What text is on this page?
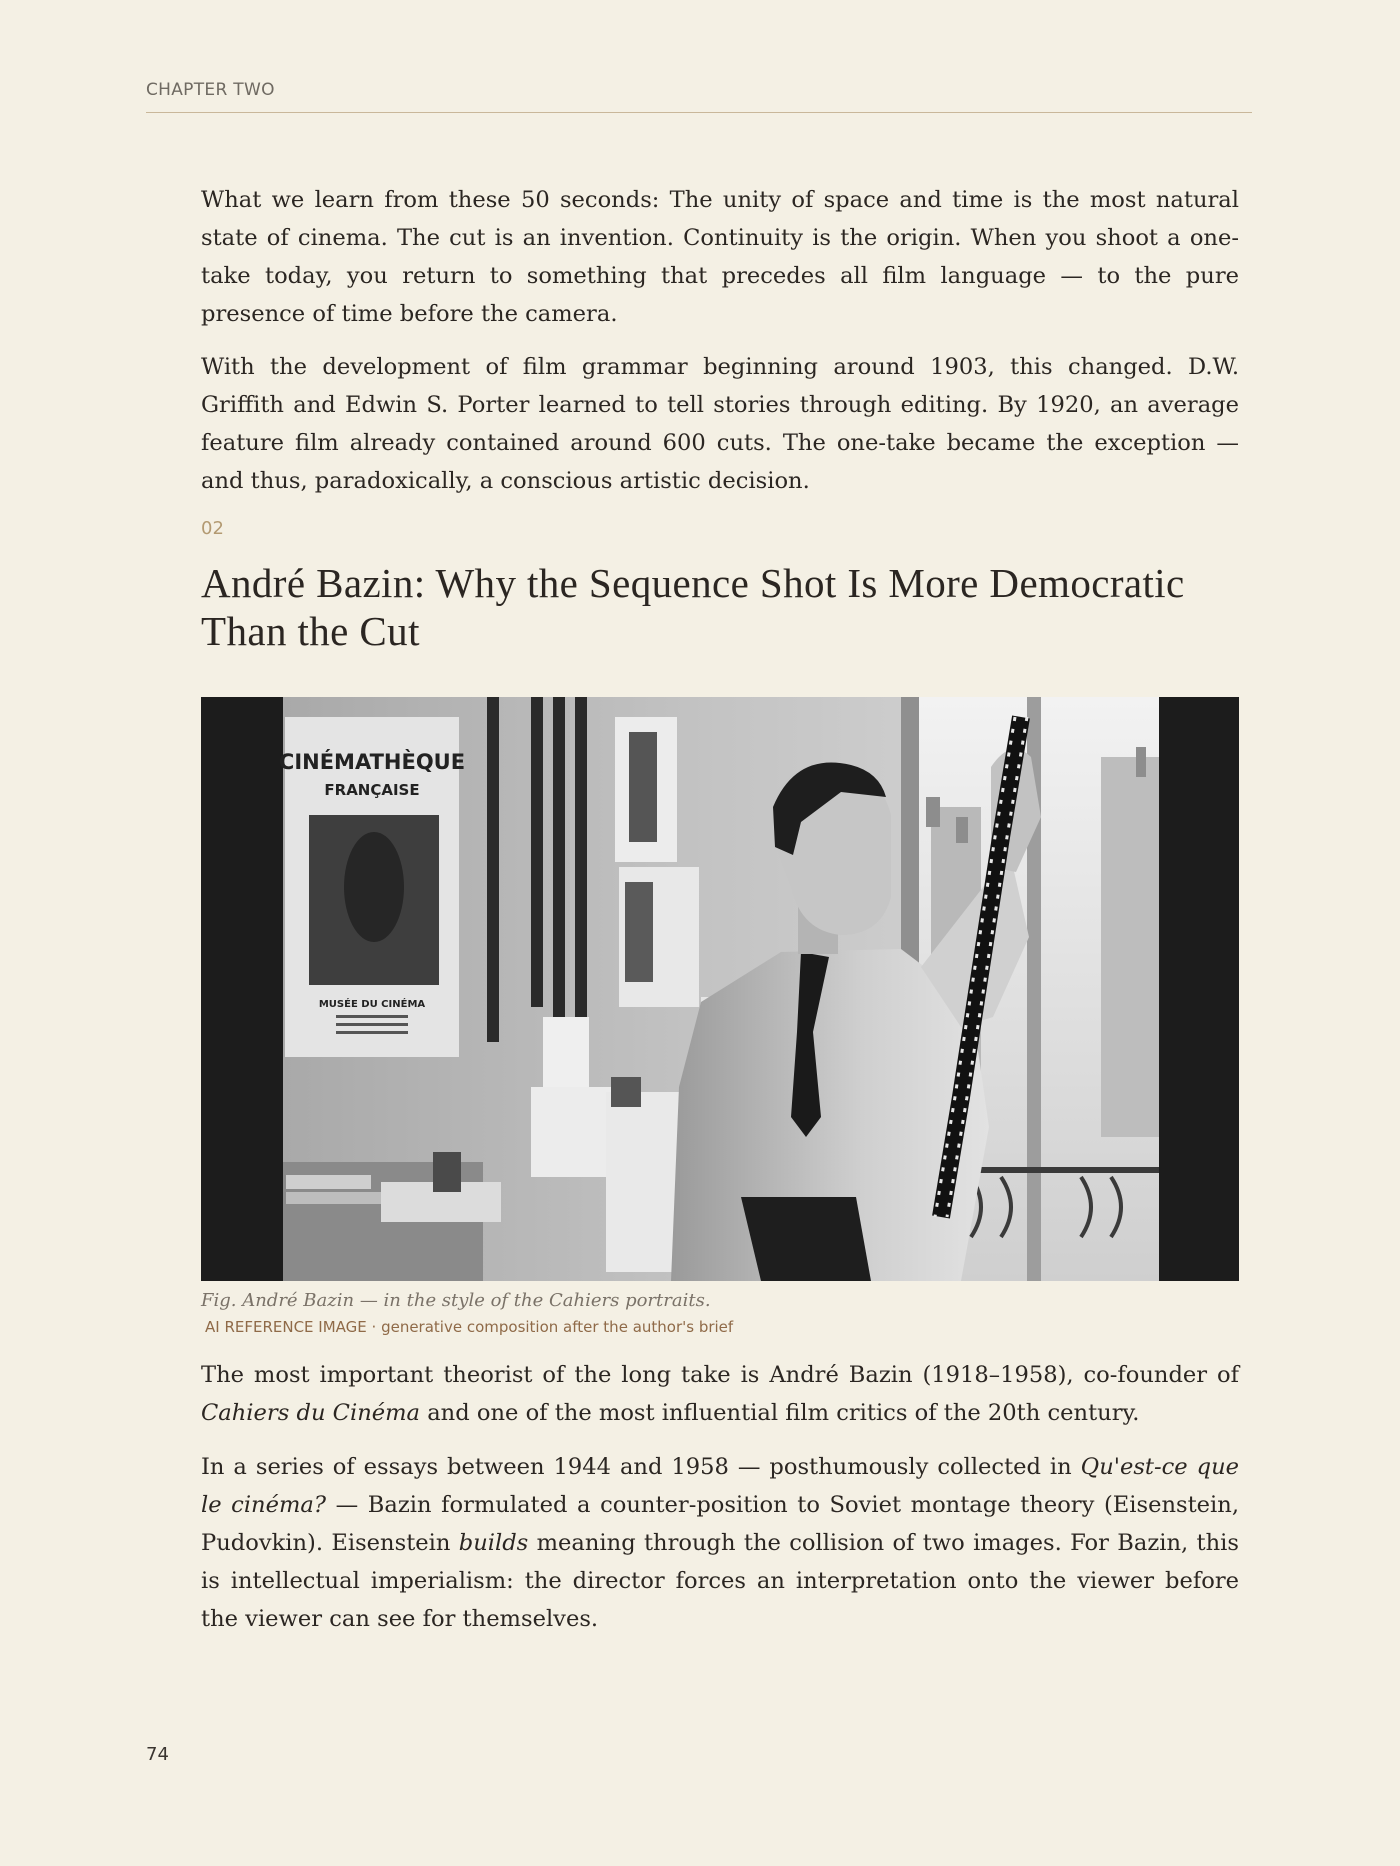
CHAPTER TWO

What we learn from these 50 seconds: The unity of space and time is the most natural state of cinema. The cut is an invention. Continuity is the origin. When you shoot a one-take today, you return to something that precedes all film language — to the pure presence of time before the camera.

With the development of film grammar beginning around 1903, this changed. D.W. Griffith and Edwin S. Porter learned to tell stories through editing. By 1920, an average feature film already contained around 600 cuts. The one-take became the exception — and thus, paradoxically, a conscious artistic decision.

02
André Bazin: Why the Sequence Shot Is More Democratic Than the Cut
CINÉMATHÈQUE
FRANÇAISE
MUSÉE DU CINÉMA
Fig. André Bazin — in the style of the Cahiers portraits.
AI REFERENCE IMAGE · generative composition after the author's brief

The most important theorist of the long take is André Bazin (1918–1958), co-founder of Cahiers du Cinéma and one of the most influential film critics of the 20th century.

In a series of essays between 1944 and 1958 — posthumously collected in Qu'est-ce que le cinéma? — Bazin formulated a counter-position to Soviet montage theory (Eisenstein, Pudovkin). Eisenstein builds meaning through the collision of two images. For Bazin, this is intellectual imperialism: the director forces an interpretation onto the viewer before the viewer can see for themselves.

74
